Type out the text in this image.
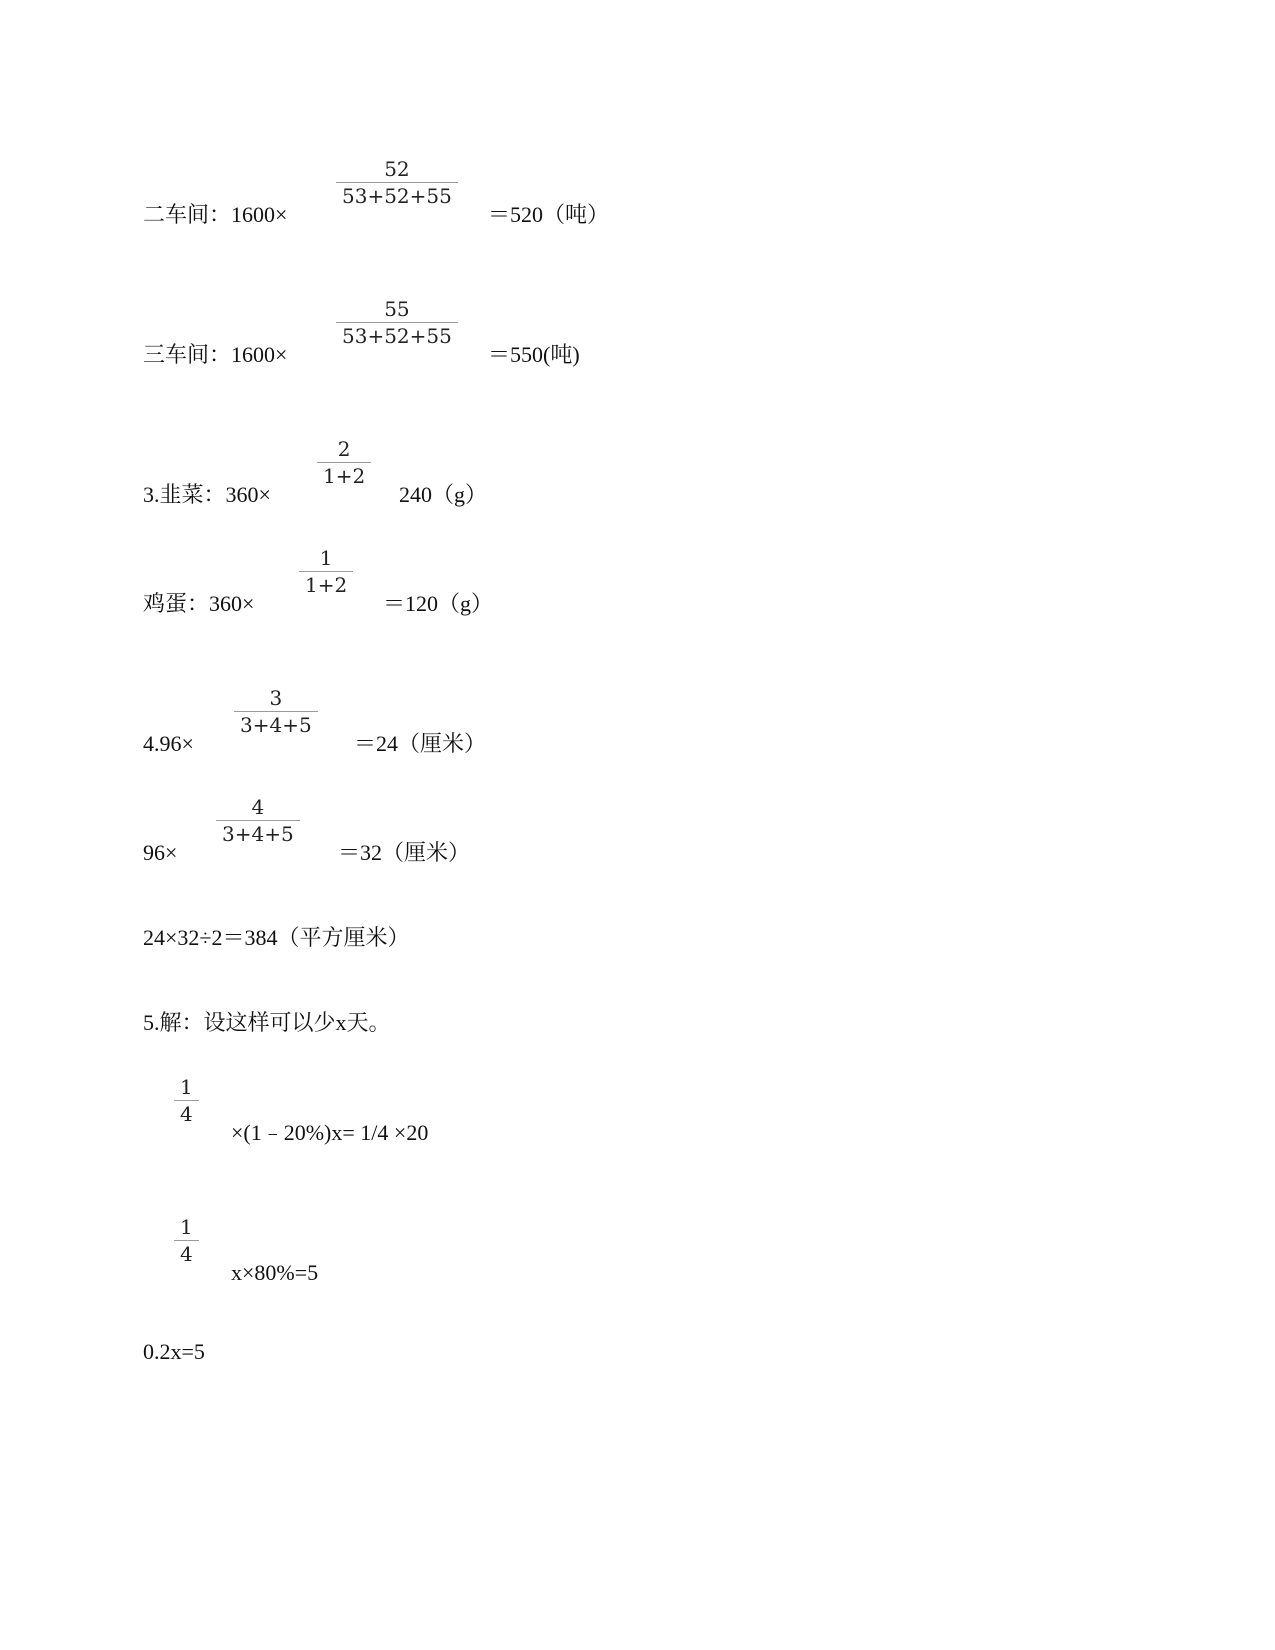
二车间：1600×
52
53+52+55
＝520（吨）
三车间：1600×
55
53+52+55
＝550(吨)
3.韭菜：360×
2
1+2
240（g）
鸡蛋：360×
1
1+2
＝120（g）
4.96×
3
3+4+5
＝24（厘米）
96×
4
3+4+5
＝32（厘米）
24×32÷2＝384（平方厘米）
5.解：设这样可以少x天。
1
4
×(1﹣20%)x= 1/4 ×20
1
4
x×80%=5
0.2x=5
